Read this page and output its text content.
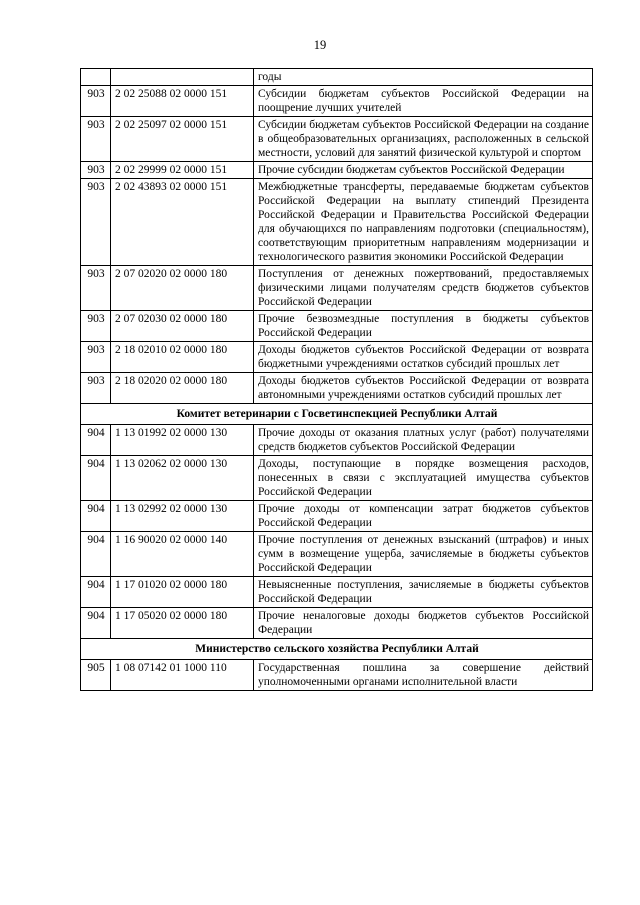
19
		годы
903	2 02 25088 02 0000 151	Субсидии бюджетам субъектов Российской Федерации на поощрение лучших учителей
903	2 02 25097 02 0000 151	Субсидии бюджетам субъектов Российской Федерации на создание в общеобразовательных организациях, расположенных в сельской местности, условий для занятий физической культурой и спортом
903	2 02 29999 02 0000 151	Прочие субсидии бюджетам субъектов Российской Федерации
903	2 02 43893 02 0000 151	Межбюджетные трансферты, передаваемые бюджетам субъектов Российской Федерации на выплату стипендий Президента Российской Федерации и Правительства Российской Федерации для обучающихся по направлениям подготовки (специальностям), соответствующим приоритетным направлениям модернизации и технологического развития экономики Российской Федерации
903	2 07 02020 02 0000 180	Поступления от денежных пожертвований, предоставляемых физическими лицами получателям средств бюджетов субъектов Российской Федерации
903	2 07 02030 02 0000 180	Прочие безвозмездные поступления в бюджеты субъектов Российской Федерации
903	2 18 02010 02 0000 180	Доходы бюджетов субъектов Российской Федерации от возврата бюджетными учреждениями остатков субсидий прошлых лет
903	2 18 02020 02 0000 180	Доходы бюджетов субъектов Российской Федерации от возврата автономными учреждениями остатков субсидий прошлых лет
Комитет ветеринарии с Госветинспекцией Республики Алтай		
904	1 13 01992 02 0000 130	Прочие доходы от оказания платных услуг (работ) получателями средств бюджетов субъектов Российской Федерации
904	1 13 02062 02 0000 130	Доходы, поступающие в порядке возмещения расходов, понесенных в связи с эксплуатацией имущества субъектов Российской Федерации
904	1 13 02992 02 0000 130	Прочие доходы от компенсации затрат бюджетов субъектов Российской Федерации
904	1 16 90020 02 0000 140	Прочие поступления от денежных взысканий (штрафов) и иных сумм в возмещение ущерба, зачисляемые в бюджеты субъектов Российской Федерации
904	1 17 01020 02 0000 180	Невыясненные поступления, зачисляемые в бюджеты субъектов Российской Федерации
904	1 17 05020 02 0000 180	Прочие неналоговые доходы бюджетов субъектов Российской Федерации
Министерство сельского хозяйства Республики Алтай		
905	1 08 07142 01 1000 110	Государственная пошлина за совершение действий уполномоченными органами исполнительной власти
